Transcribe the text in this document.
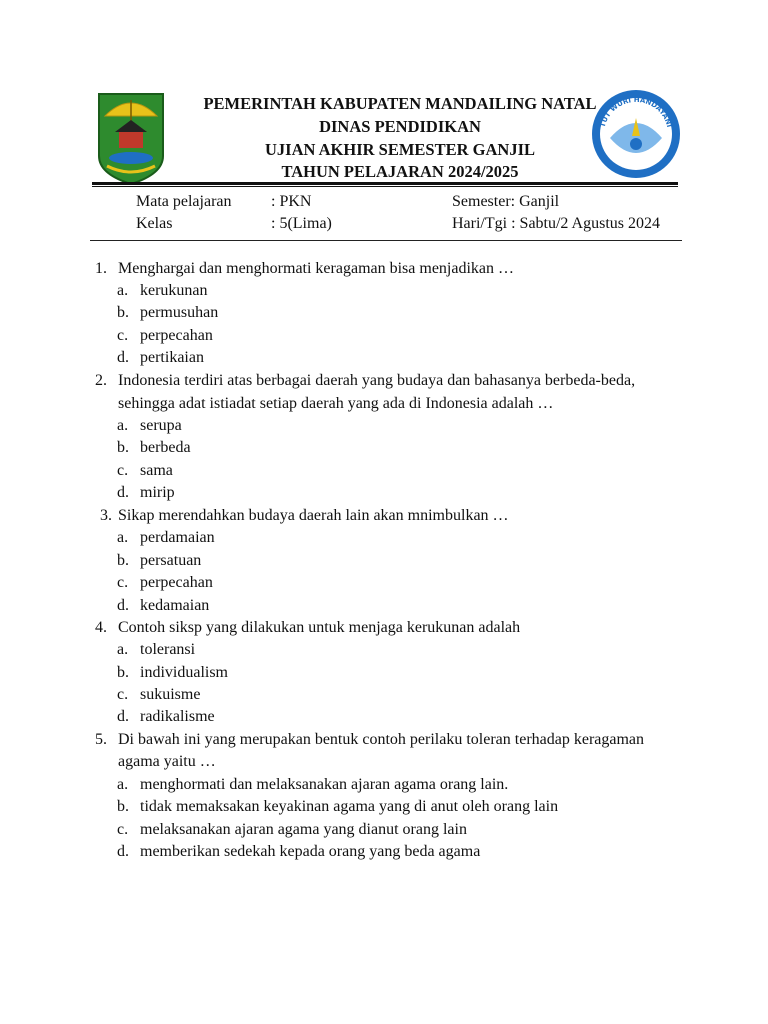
TUT WURI HANDAYANI
PEMERINTAH KABUPATEN MANDAILING NATAL
DINAS PENDIDIKAN
UJIAN AKHIR SEMESTER GANJIL
TAHUN PELAJARAN 2024/2025
Mata pelajaran : PKN	Semester: Ganjil
Kelas	: 5(Lima)	Hari/Tgi : Sabtu/2 Agustus 2024
1. Menghargai dan menghormati keragaman bisa menjadikan …
a. kerukunan
b. permusuhan
c. perpecahan
d. pertikaian
2. Indonesia terdiri atas berbagai daerah yang budaya dan bahasanya berbeda-beda,
sehingga adat istiadat setiap daerah yang ada di Indonesia adalah …
a. serupa
b. berbeda
c. sama
d. mirip
3. Sikap merendahkan budaya daerah lain akan mnimbulkan …
a. perdamaian
b. persatuan
c. perpecahan
d. kedamaian
4. Contoh siksp yang dilakukan untuk menjaga kerukunan adalah
a. toleransi
b. individualism
c. sukuisme
d. radikalisme
5. Di bawah ini yang merupakan bentuk contoh perilaku toleran terhadap keragaman
agama yaitu …
a. menghormati dan melaksanakan ajaran agama orang lain.
b. tidak memaksakan keyakinan agama yang di anut oleh orang lain
c. melaksanakan ajaran agama yang dianut orang lain
d. memberikan sedekah kepada orang yang beda agama
